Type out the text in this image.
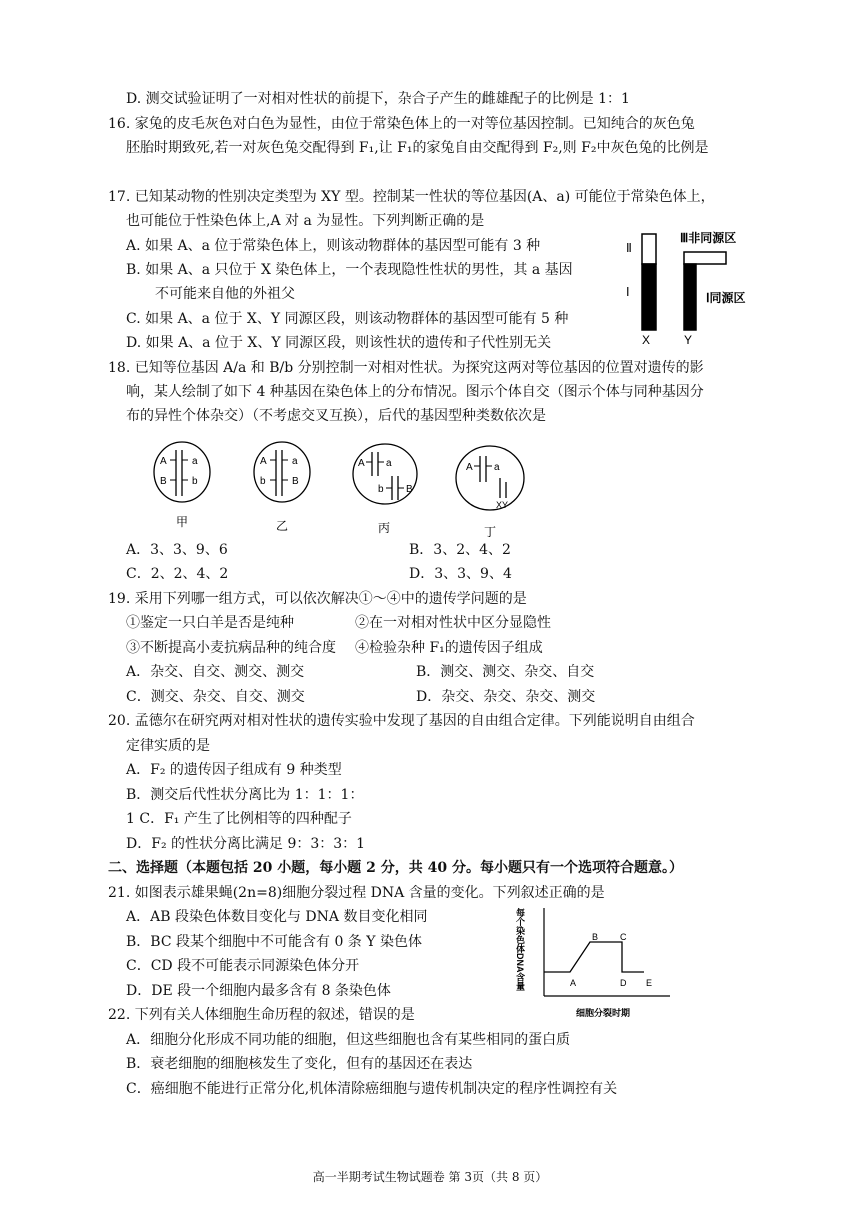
D. 测交试验证明了一对相对性状的前提下，杂合子产生的雌雄配子的比例是 1：1
16. 家兔的皮毛灰色对白色为显性，由位于常染色体上的一对等位基因控制。已知纯合的灰色兔
胚胎时期致死,若一对灰色兔交配得到 F₁,让 F₁的家兔自由交配得到 F₂,则 F₂中灰色兔的比例是
17. 已知某动物的性别决定类型为 XY 型。控制某一性状的等位基因(A、a) 可能位于常染色体上，
也可能位于性染色体上,A 对 a 为显性。下列判断正确的是
A. 如果 A、a 位于常染色体上，则该动物群体的基因型可能有 3 种
B. 如果 A、a 只位于 X 染色体上，一个表现隐性性状的男性，其 a 基因
不可能来自他的外祖父
C. 如果 A、a 位于 X、Y 同源区段，则该动物群体的基因型可能有 5 种
D. 如果 A、a 位于 X、Y 同源区段，则该性状的遗传和子代性别无关
Ⅱ
Ⅰ
Ⅲ非同源区
Ⅰ同源区
X	Y
18. 已知等位基因 A/a 和 B/b 分别控制一对相对性状。为探究这两对等位基因的位置对遗传的影
响，某人绘制了如下 4 种基因在染色体上的分布情况。图示个体自交（图示个体与同种基因分
布的异性个体杂交）（不考虑交叉互换），后代的基因型种类数依次是
A	a
B	b
甲
A	a
b	B
乙
A a
b B
丙
A a
XY
丁
A．3、3、9、6	B．3、2、4、2
C．2、2、4、2	D．3、3、9、4
19. 采用下列哪一组方式，可以依次解决①～④中的遗传学问题的是
①鉴定一只白羊是否是纯种	②在一对相对性状中区分显隐性
③不断提高小麦抗病品种的纯合度 ④检验杂种 F₁的遗传因子组成
A．杂交、自交、测交、测交	B．测交、测交、杂交、自交
C．测交、杂交、自交、测交	D．杂交、杂交、杂交、测交
20. 孟德尔在研究两对相对性状的遗传实验中发现了基因的自由组合定律。下列能说明自由组合
定律实质的是
A．F₂ 的遗传因子组成有 9 种类型
B．测交后代性状分离比为 1：1：1：
1 C．F₁ 产生了比例相等的四种配子
D．F₂ 的性状分离比满足 9：3：3：1
二、选择题（本题包括 20 小题，每小题 2 分，共 40 分。每小题只有一个选项符合题意。）
21. 如图表示雄果蝇(2n=8)细胞分裂过程 DNA 含量的变化。下列叙述正确的是
A．AB 段染色体数目变化与 DNA 数目变化相同
B．BC 段某个细胞中不可能含有 0 条 Y 染色体
C．CD 段不可能表示同源染色体分开
D．DE 段一个细胞内最多含有 8 条染色体
每个染色体DNA含量	A
B C
D E
细胞分裂时期
22. 下列有关人体细胞生命历程的叙述，错误的是
A．细胞分化形成不同功能的细胞，但这些细胞也含有某些相同的蛋白质
B．衰老细胞的细胞核发生了变化，但有的基因还在表达
C．癌细胞不能进行正常分化,机体清除癌细胞与遗传机制决定的程序性调控有关
高一半期考试生物试题卷 第 3页（共 8 页）
